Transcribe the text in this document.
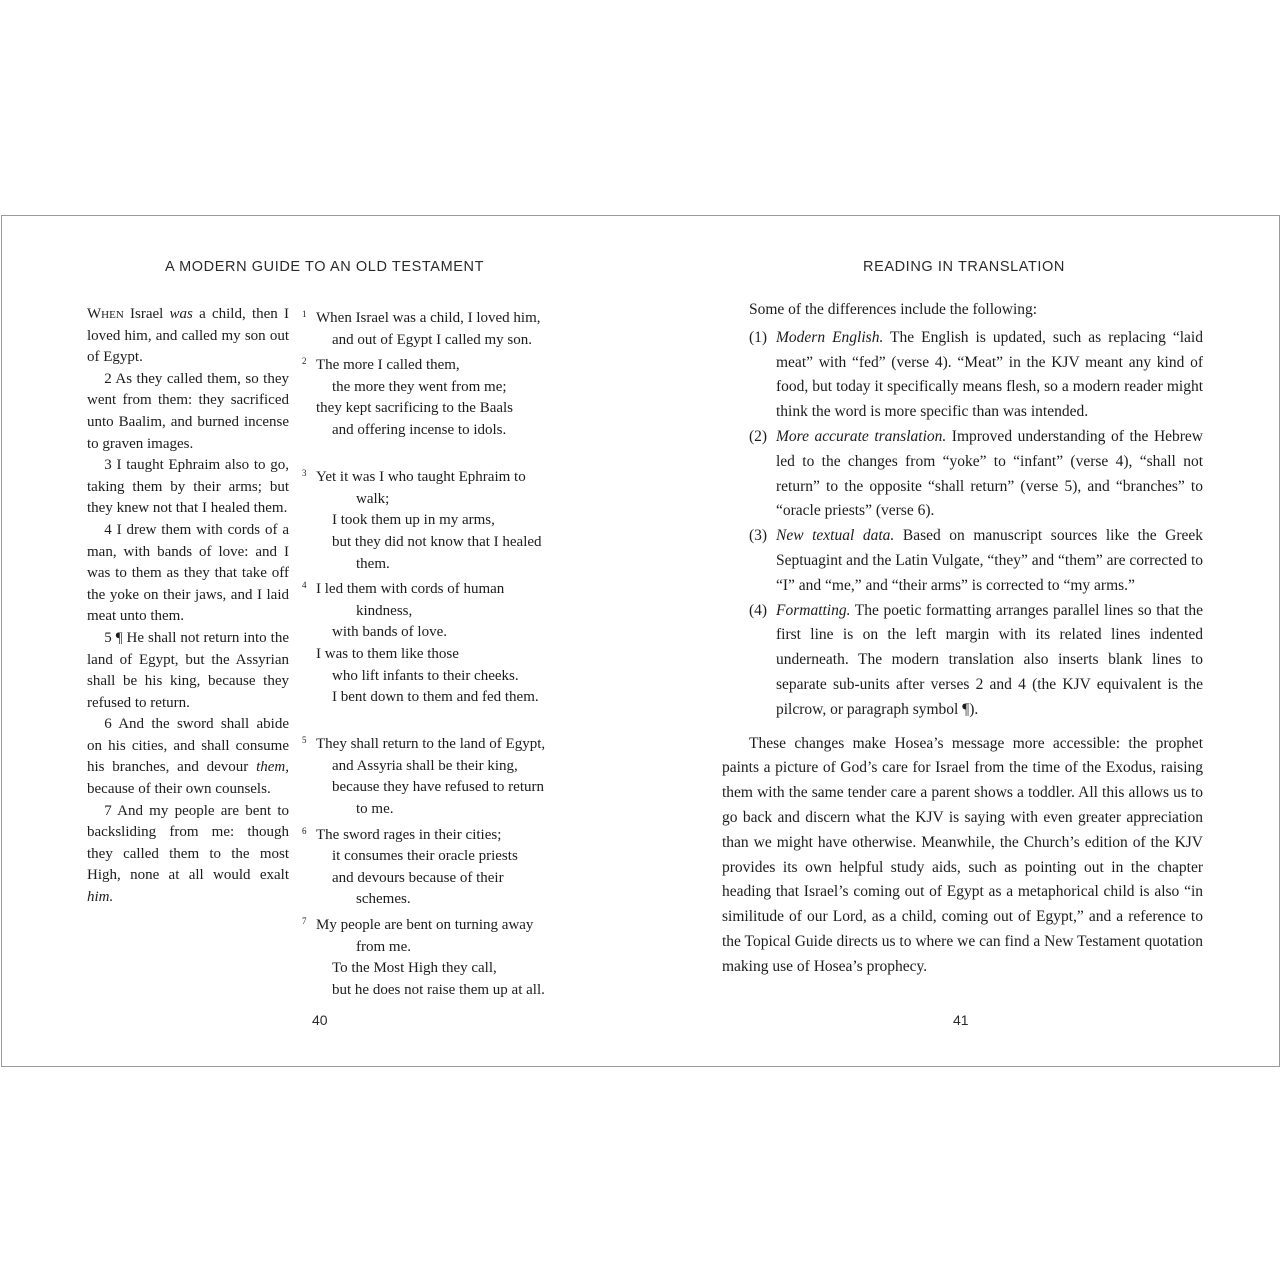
A MODERN GUIDE TO AN OLD TESTAMENT

When Israel was a child, then I loved him, and called my son out of Egypt.

2 As they called them, so they went from them: they sacrificed unto Baalim, and burned incense to graven images.

3 I taught Ephraim also to go, taking them by their arms; but they knew not that I healed them.

4 I drew them with cords of a man, with bands of love: and I was to them as they that take off the yoke on their jaws, and I laid meat unto them.

5 ¶ He shall not return into the land of Egypt, but the Assyrian shall be his king, because they refused to return.

6 And the sword shall abide on his cities, and shall consume his branches, and devour them, because of their own counsels.

7 And my people are bent to backsliding from me: though they called them to the most High, none at all would exalt him.

1 When Israel was a child, I loved him,
and out of Egypt I called my son.
2 The more I called them,
the more they went from me;
they kept sacrificing to the Baals
and offering incense to idols.
3 Yet it was I who taught Ephraim to
walk;
I took them up in my arms,
but they did not know that I healed
them.
4 I led them with cords of human
kindness,
with bands of love.
I was to them like those
who lift infants to their cheeks.
I bent down to them and fed them.
5 They shall return to the land of Egypt,
and Assyria shall be their king,
because they have refused to return
to me.
6 The sword rages in their cities;
it consumes their oracle priests
and devours because of their
schemes.
7 My people are bent on turning away
from me.
To the Most High they call,
but he does not raise them up at all.
40
READING IN TRANSLATION

Some of the differences include the following:

(1) Modern English. The English is updated, such as replacing “laid meat” with “fed” (verse 4). “Meat” in the KJV meant any kind of food, but today it specifically means flesh, so a modern reader might think the word is more specific than was intended.
(2) More accurate translation. Improved understanding of the Hebrew led to the changes from “yoke” to “infant” (verse 4), “shall not return” to the opposite “shall return” (verse 5), and “branches” to “oracle priests” (verse 6).
(3) New textual data. Based on manuscript sources like the Greek Septuagint and the Latin Vulgate, “they” and “them” are corrected to “I” and “me,” and “their arms” is corrected to “my arms.”
(4) Formatting. The poetic formatting arranges parallel lines so that the first line is on the left margin with its related lines indented underneath. The modern translation also inserts blank lines to separate sub-units after verses 2 and 4 (the KJV equivalent is the pilcrow, or paragraph symbol ¶).

These changes make Hosea’s message more accessible: the prophet paints a picture of God’s care for Israel from the time of the Exodus, raising them with the same tender care a parent shows a toddler. All this allows us to go back and discern what the KJV is saying with even greater appreciation than we might have otherwise. Meanwhile, the Church’s edition of the KJV provides its own helpful study aids, such as pointing out in the chapter heading that Israel’s coming out of Egypt as a metaphorical child is also “in similitude of our Lord, as a child, coming out of Egypt,” and a reference to the Topical Guide directs us to where we can find a New Testament quotation making use of Hosea’s prophecy.

41
